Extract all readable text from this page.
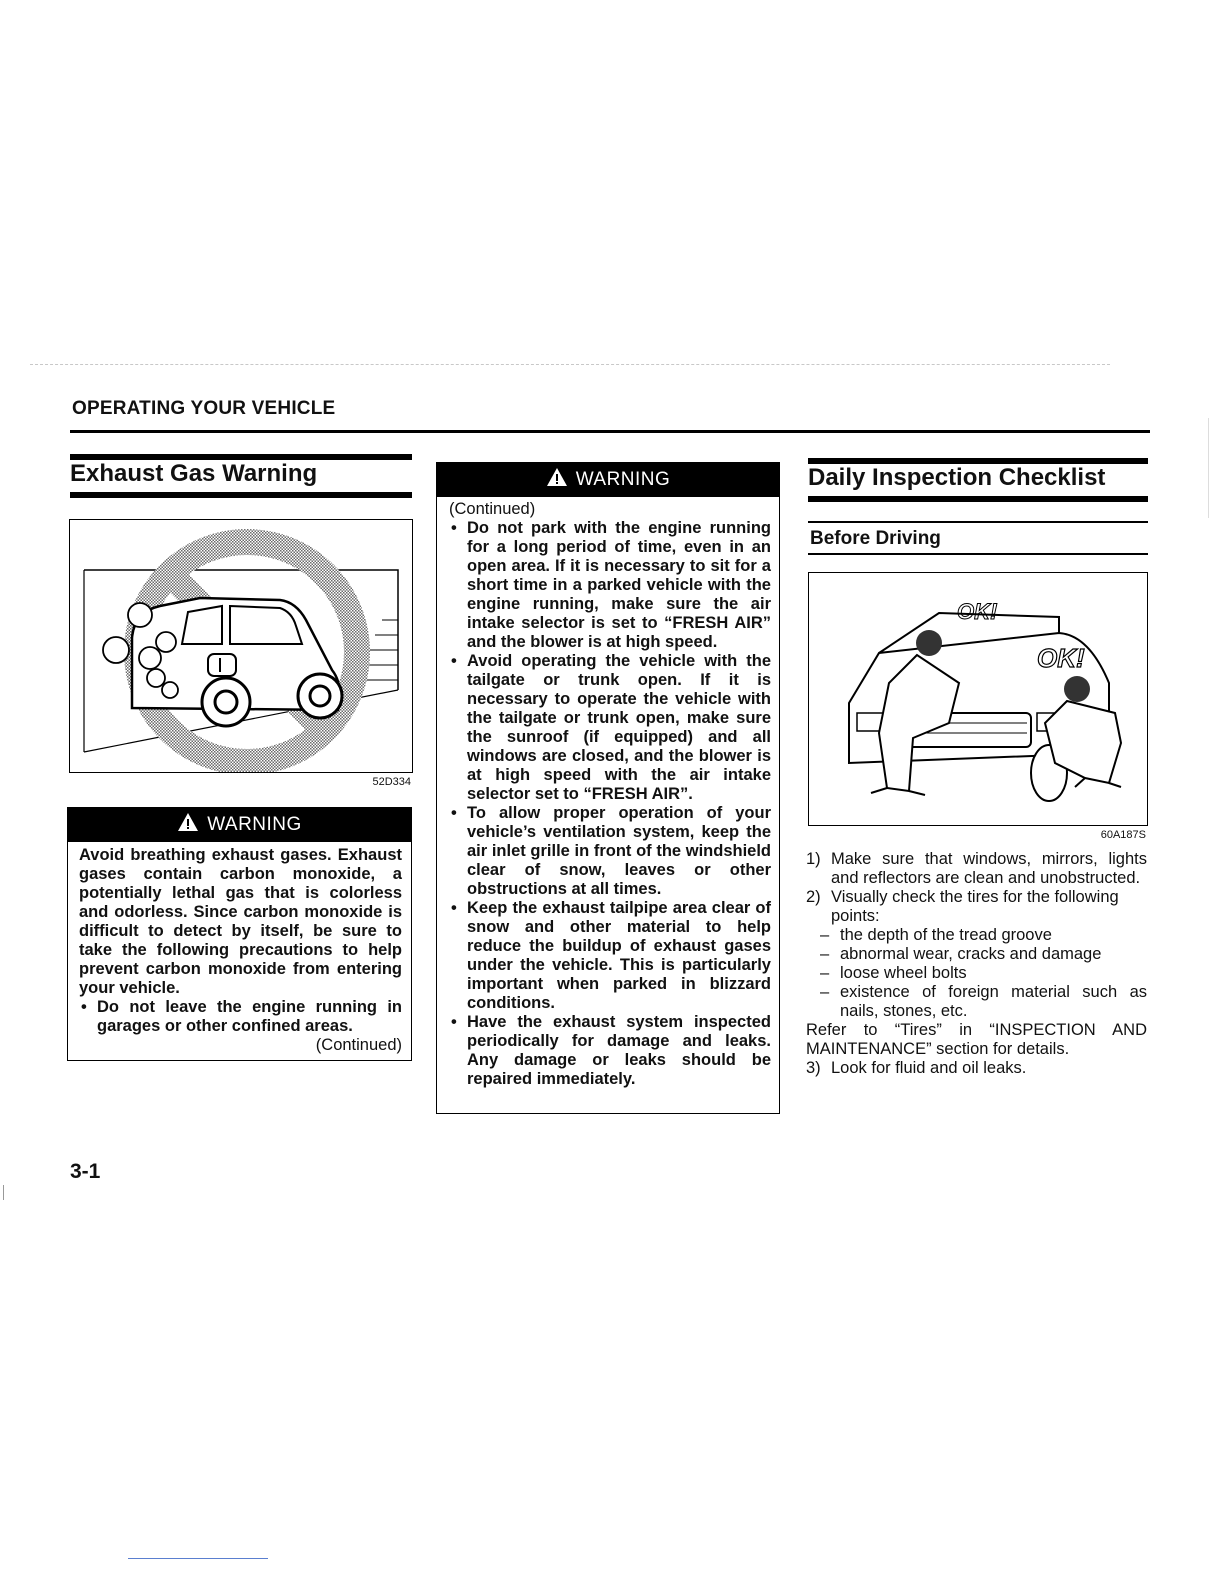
OPERATING YOUR VEHICLE
Exhaust Gas Warning
52D334
WARNING

Avoid breathing exhaust gases. Exhaust gases contain carbon monoxide, a potentially lethal gas that is colorless and odorless. Since carbon monoxide is difficult to detect by itself, be sure to take the following precautions to help prevent carbon monoxide from entering your vehicle.

• Do not leave the engine running in garages or other confined areas.

(Continued)

WARNING

(Continued)

• Do not park with the engine running for a long period of time, even in an open area. If it is necessary to sit for a short time in a parked vehicle with the engine running, make sure the air intake selector is set to “FRESH AIR” and the blower is at high speed.

• Avoid operating the vehicle with the tailgate or trunk open. If it is necessary to operate the vehicle with the tailgate or trunk open, make sure the sunroof (if equipped) and all windows are closed, and the blower is at high speed with the air intake selector set to “FRESH AIR”.

• To allow proper operation of your vehicle’s ventilation system, keep the air inlet grille in front of the windshield clear of snow, leaves or other obstructions at all times.

• Keep the exhaust tailpipe area clear of snow and other material to help reduce the buildup of exhaust gases under the vehicle. This is particularly important when parked in blizzard conditions.

• Have the exhaust system inspected periodically for damage and leaks. Any damage or leaks should be repaired immediately.

Daily Inspection Checklist
Before Driving
OK!
OK!
60A187S
1) Make sure that windows, mirrors, lights and reflectors are clean and unobstructed.
2) Visually check the tires for the following points:
– the depth of the tread groove
– abnormal wear, cracks and damage
– loose wheel bolts
– existence of foreign material such as nails, stones, etc.
Refer to “Tires” in “INSPECTION AND MAINTENANCE” section for details.
3) Look for fluid and oil leaks.
3-1
